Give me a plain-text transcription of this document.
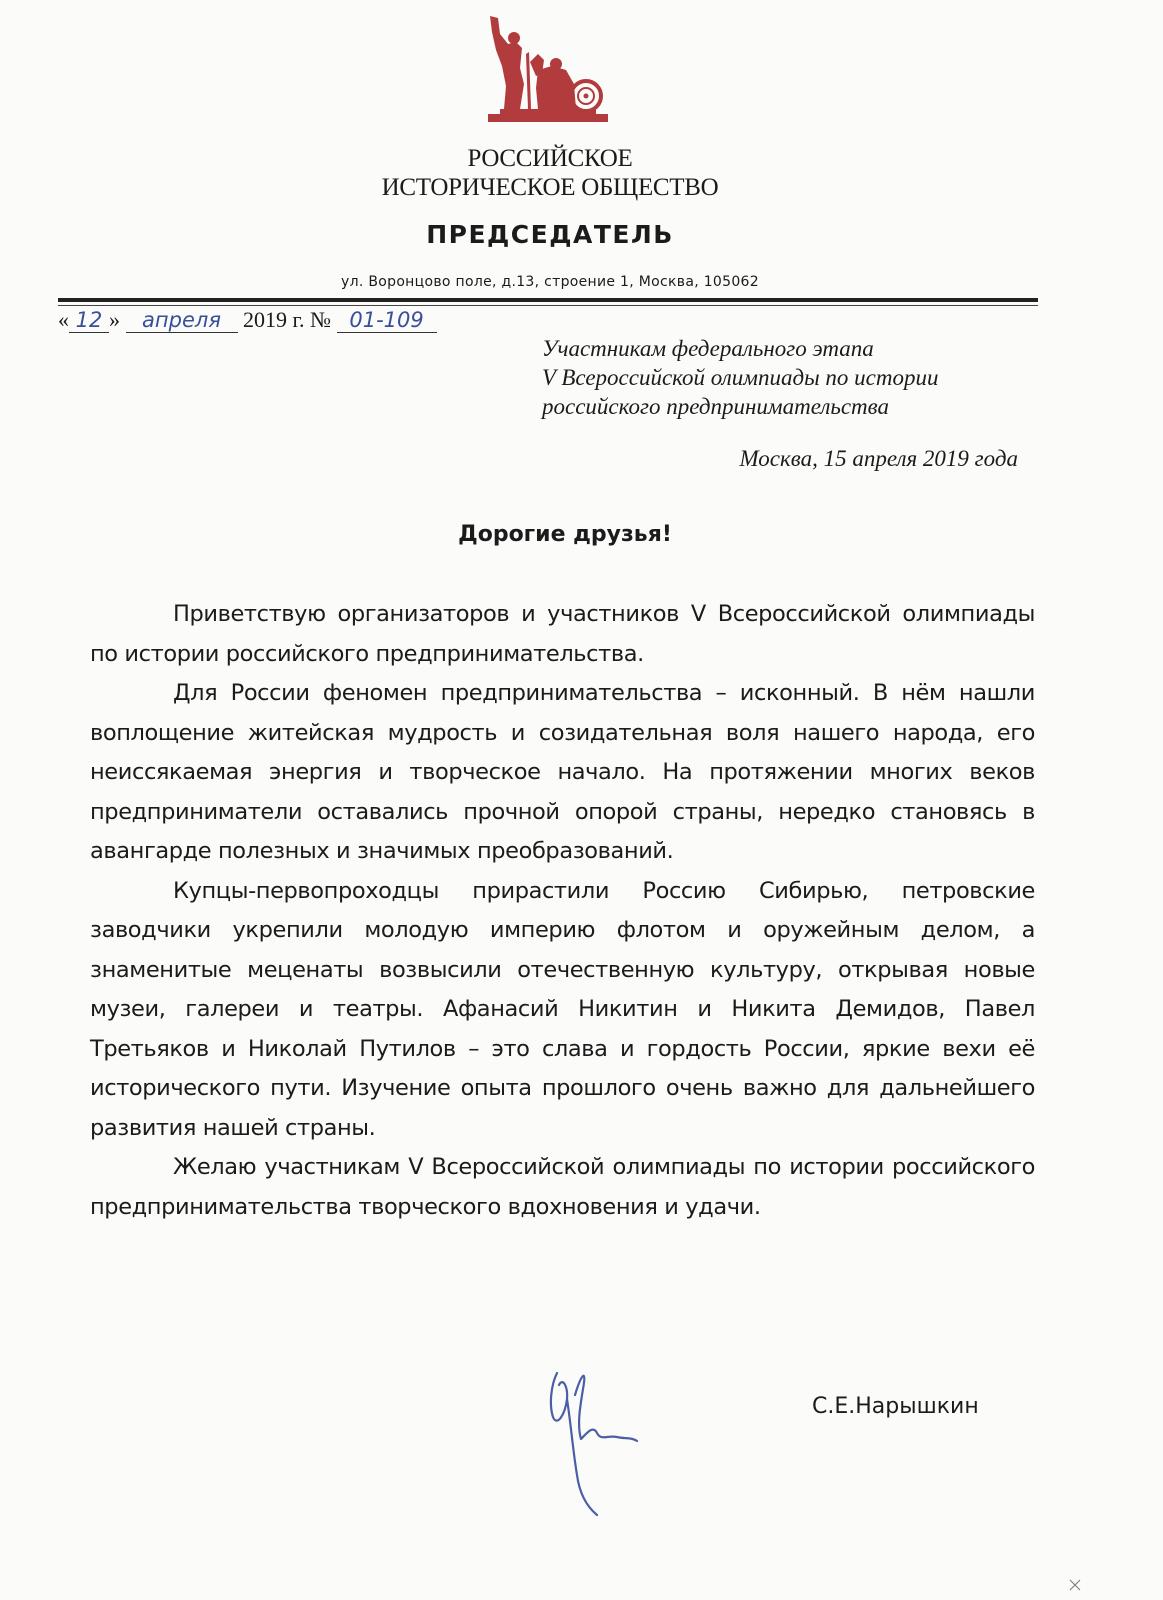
РОССИЙСКОЕ
ИСТОРИЧЕСКОЕ ОБЩЕСТВО
ПРЕДСЕДАТЕЛЬ
ул. Воронцово поле, д.13, строение 1, Москва, 105062
« 12 » апреля 2019 г. № 01-109
Участникам федерального этапа
V Всероссийской олимпиады по истории
российского предпринимательства
Москва, 15 апреля 2019 года
Дорогие друзья!

Приветствую организаторов и участников V Всероссийской олимпиады по истории российского предпринимательства.

Для России феномен предпринимательства – исконный. В нём нашли воплощение житейская мудрость и созидательная воля нашего народа, его неиссякаемая энергия и творческое начало. На протяжении многих веков предприниматели оставались прочной опорой страны, нередко становясь в авангарде полезных и значимых преобразований.

Купцы-первопроходцы прирастили Россию Сибирью, петровские заводчики укрепили молодую империю флотом и оружейным делом, а знаменитые меценаты возвысили отечественную культуру, открывая новые музеи, галереи и театры. Афанасий Никитин и Никита Демидов, Павел Третьяков и Николай Путилов – это слава и гордость России, яркие вехи её исторического пути. Изучение опыта прошлого очень важно для дальнейшего развития нашей страны.

Желаю участникам V Всероссийской олимпиады по истории российского предпринимательства творческого вдохновения и удачи.

С.Е.Нарышкин
